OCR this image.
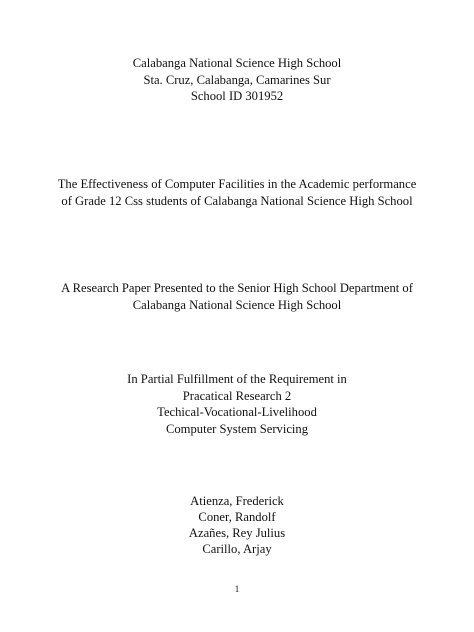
Calabanga National Science High School
Sta. Cruz, Calabanga, Camarines Sur
School ID 301952
The Effectiveness of Computer Facilities in the Academic performance
of Grade 12 Css students of Calabanga National Science High School
A Research Paper Presented to the Senior High School Department of
Calabanga National Science High School
In Partial Fulfillment of the Requirement in
Pracatical Research 2
Techical-Vocational-Livelihood
Computer System Servicing
Atienza, Frederick
Coner, Randolf
Azañes, Rey Julius
Carillo, Arjay
1
